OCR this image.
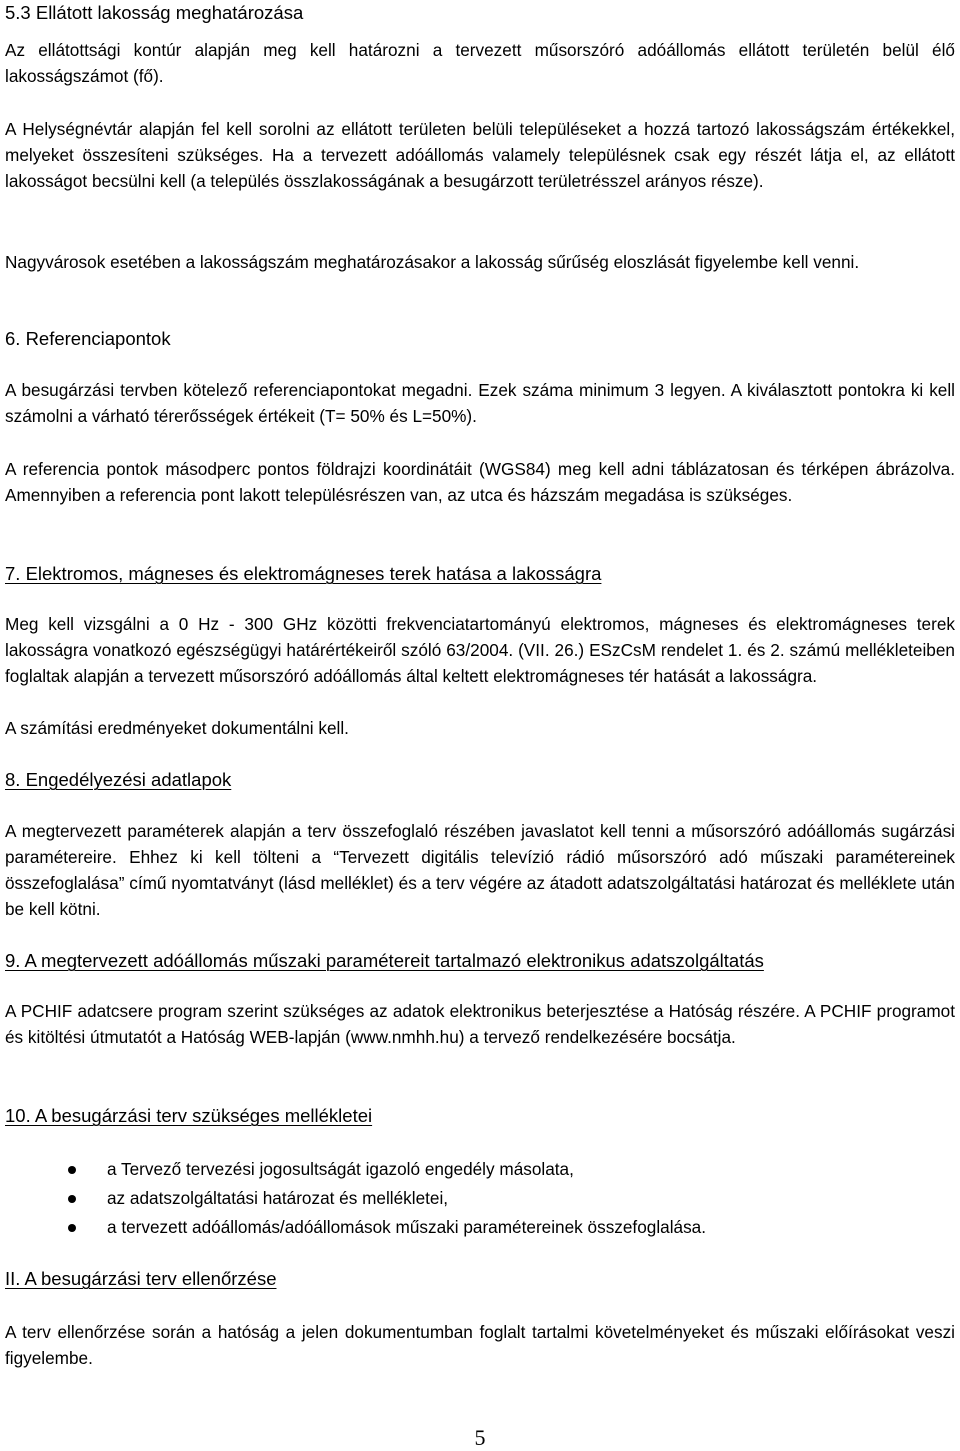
5.3 Ellátott lakosság meghatározása

Az ellátottsági kontúr alapján meg kell határozni a tervezett műsorszóró adóállomás ellátott területén belül élő lakosságszámot (fő).

A Helységnévtár alapján fel kell sorolni az ellátott területen belüli településeket a hozzá tartozó lakosságszám értékekkel, melyeket összesíteni szükséges. Ha a tervezett adóállomás valamely településnek csak egy részét látja el, az ellátott lakosságot becsülni kell (a település összlakosságának a besugárzott területrésszel arányos része).

Nagyvárosok esetében a lakosságszám meghatározásakor a lakosság sűrűség eloszlását figyelembe kell venni.

6. Referenciapontok

A besugárzási tervben kötelező referenciapontokat megadni. Ezek száma minimum 3 legyen. A kiválasztott pontokra ki kell számolni a várható térerősségek értékeit (T= 50% és L=50%).

A referencia pontok másodperc pontos földrajzi koordinátáit (WGS84) meg kell adni táblázatosan és térképen ábrázolva. Amennyiben a referencia pont lakott településrészen van, az utca és házszám megadása is szükséges.

7. Elektromos, mágneses és elektromágneses terek hatása a lakosságra

Meg kell vizsgálni a 0 Hz - 300 GHz közötti frekvenciatartományú elektromos, mágneses és elektromágneses terek lakosságra vonatkozó egészségügyi határértékeiről szóló 63/2004. (VII. 26.) ESzCsM rendelet 1. és 2. számú mellékleteiben foglaltak alapján a tervezett műsorszóró adóállomás által keltett elektromágneses tér hatását a lakosságra.

A számítási eredményeket dokumentálni kell.

8. Engedélyezési adatlapok

A megtervezett paraméterek alapján a terv összefoglaló részében javaslatot kell tenni a műsorszóró adóállomás sugárzási paramétereire. Ehhez ki kell tölteni a “Tervezett digitális televízió rádió műsorszóró adó műszaki paramétereinek összefoglalása” című nyomtatványt (lásd melléklet) és a terv végére az átadott adatszolgáltatási határozat és melléklete után be kell kötni.

9. A megtervezett adóállomás műszaki paramétereit tartalmazó elektronikus adatszolgáltatás

A PCHIF adatcsere program szerint szükséges az adatok elektronikus beterjesztése a Hatóság részére. A PCHIF programot és kitöltési útmutatót a Hatóság WEB-lapján (www.nmhh.hu) a tervező rendelkezésére bocsátja.

10. A besugárzási terv szükséges mellékletei
a Tervező tervezési jogosultságát igazoló engedély másolata,
az adatszolgáltatási határozat és mellékletei,
a tervezett adóállomás/adóállomások műszaki paramétereinek összefoglalása.
II. A besugárzási terv ellenőrzése

A terv ellenőrzése során a hatóság a jelen dokumentumban foglalt tartalmi követelményeket és műszaki előírásokat veszi figyelembe.

5
